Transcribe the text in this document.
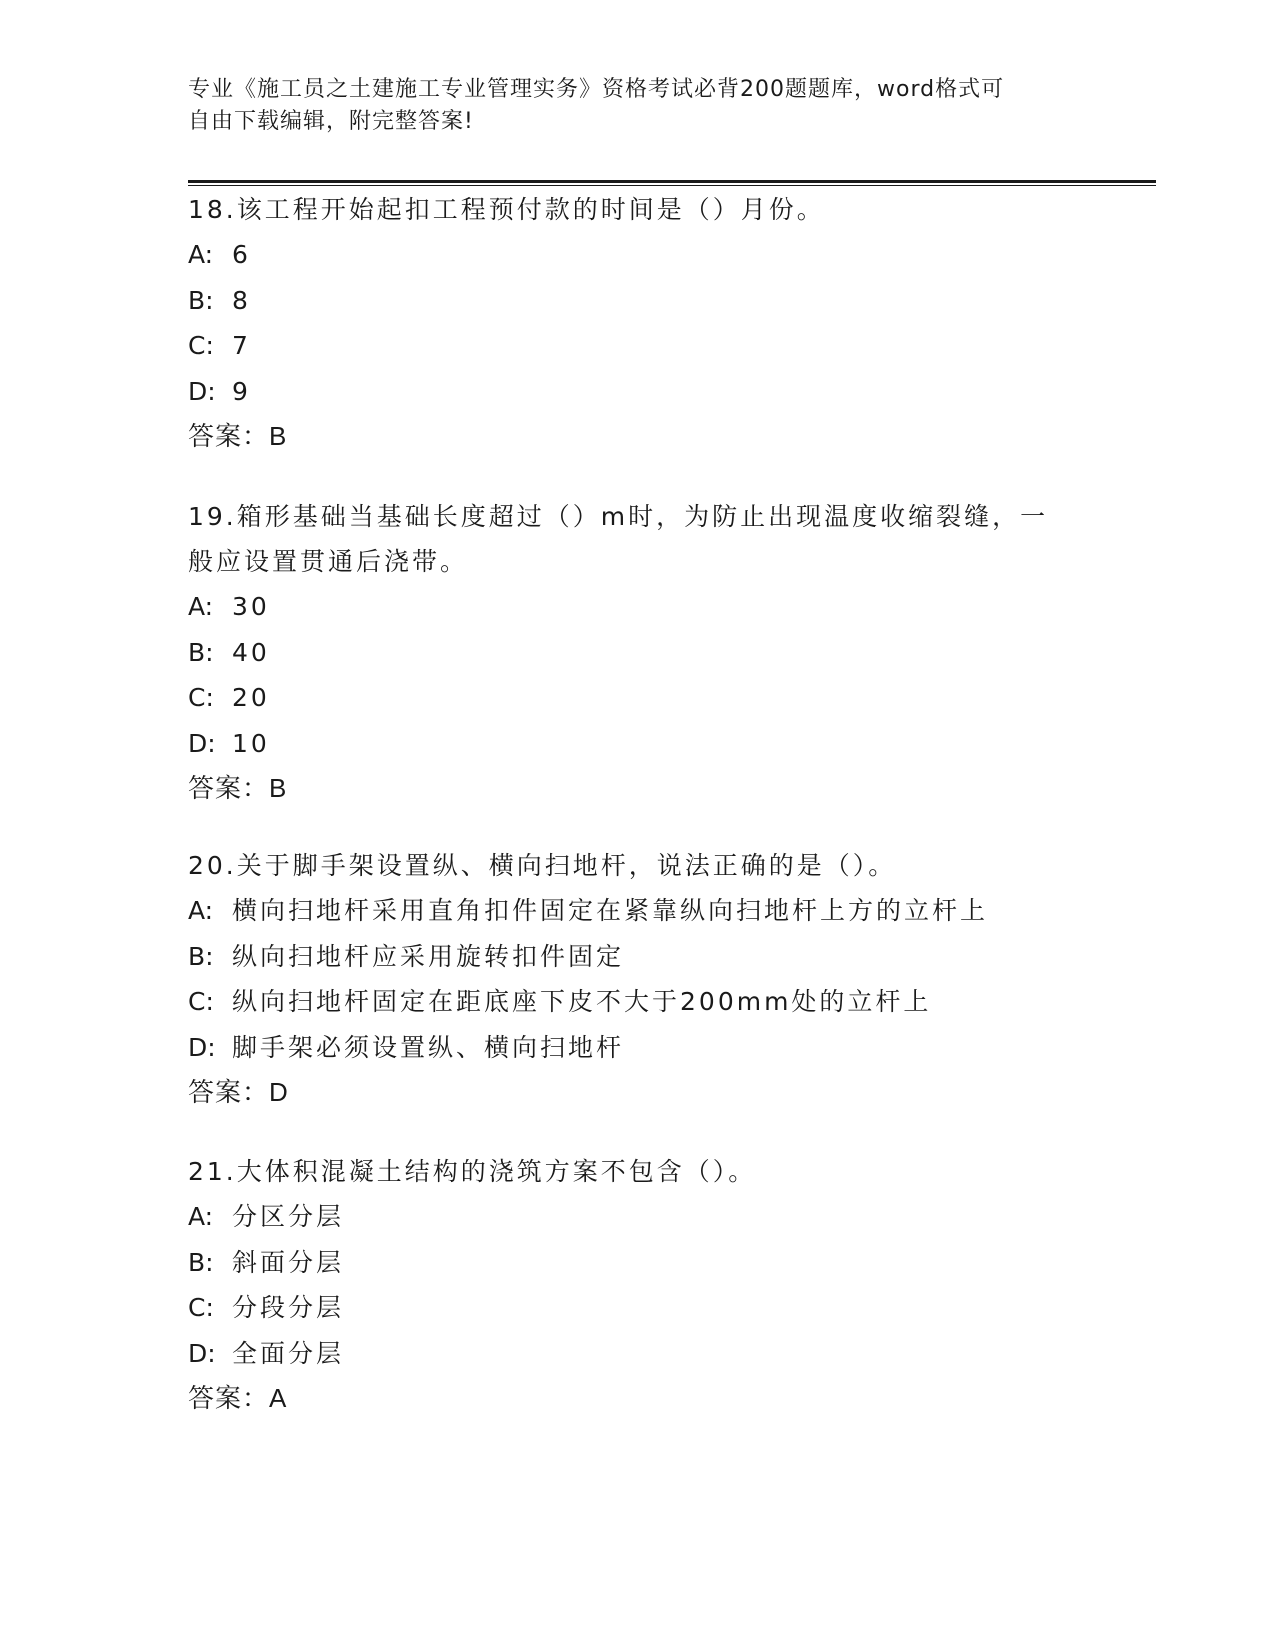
专业《施工员之土建施工专业管理实务》资格考试必背200题题库，word格式可
自由下载编辑，附完整答案!

18.该工程开始起扣工程预付款的时间是（）月份。

A: 6

B: 8

C: 7

D: 9

答案：B

19.箱形基础当基础长度超过（）m时，为防止出现温度收缩裂缝，一

般应设置贯通后浇带。

A: 30

B: 40

C: 20

D: 10

答案：B

20.关于脚手架设置纵、横向扫地杆，说法正确的是（）。

A: 横向扫地杆采用直角扣件固定在紧靠纵向扫地杆上方的立杆上

B: 纵向扫地杆应采用旋转扣件固定

C: 纵向扫地杆固定在距底座下皮不大于200mm处的立杆上

D: 脚手架必须设置纵、横向扫地杆

答案：D

21.大体积混凝土结构的浇筑方案不包含（）。

A: 分区分层

B: 斜面分层

C: 分段分层

D: 全面分层

答案：A
